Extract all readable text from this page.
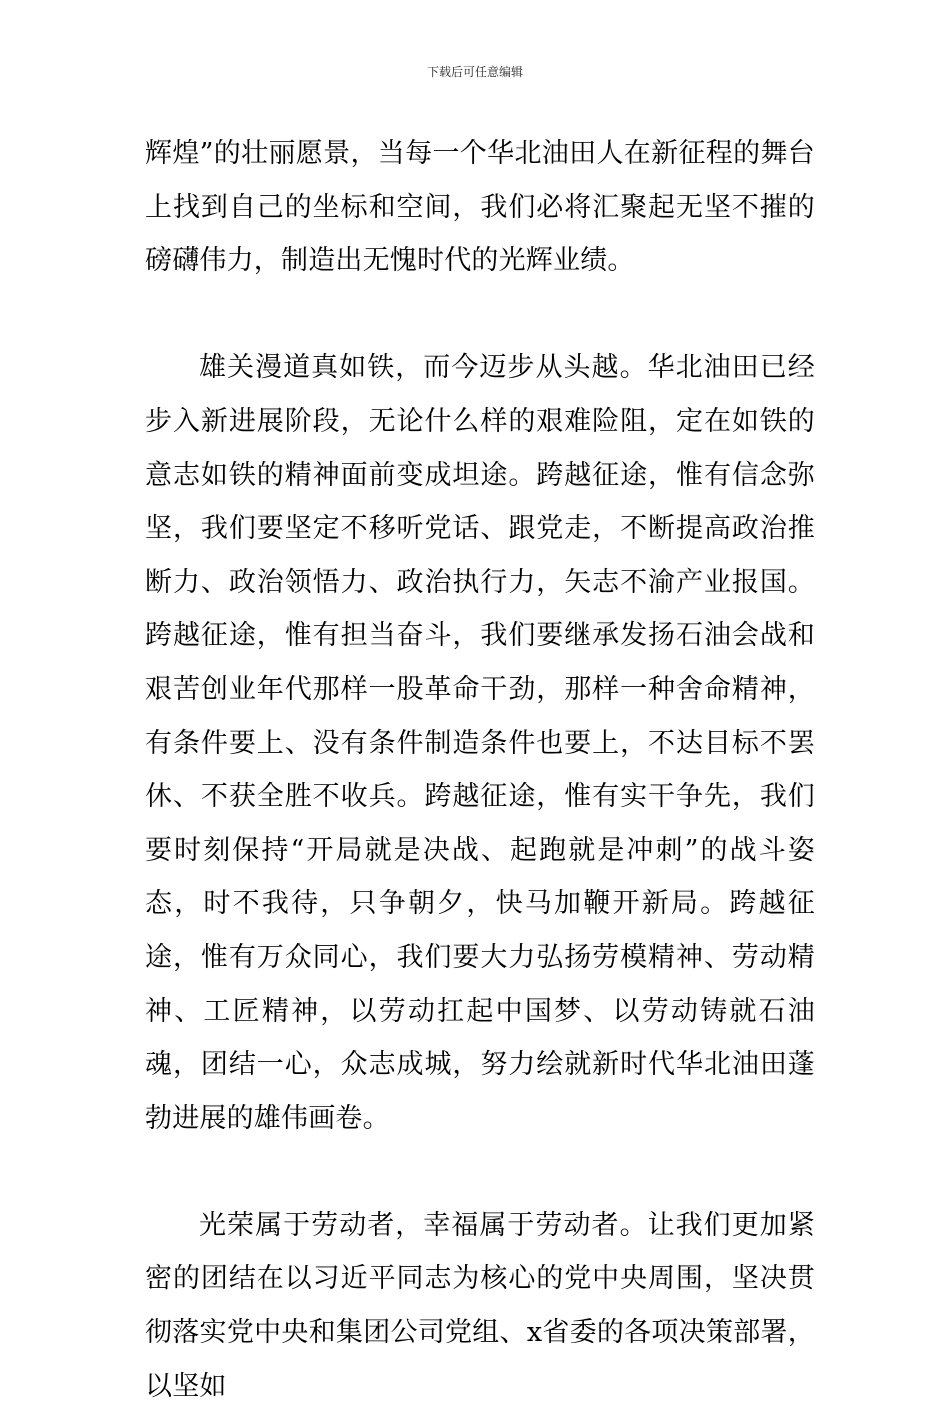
下载后可任意编辑

辉煌”的壮丽愿景，当每一个华北油田人在新征程的舞台上找到自己的坐标和空间，我们必将汇聚起无坚不摧的磅礴伟力，制造出无愧时代的光辉业绩。

雄关漫道真如铁，而今迈步从头越。华北油田已经步入新进展阶段，无论什么样的艰难险阻，定在如铁的意志如铁的精神面前变成坦途。跨越征途，惟有信念弥坚，我们要坚定不移听党话、跟党走，不断提高政治推断力、政治领悟力、政治执行力，矢志不渝产业报国。跨越征途，惟有担当奋斗，我们要继承发扬石油会战和艰苦创业年代那样一股革命干劲，那样一种舍命精神，有条件要上、没有条件制造条件也要上，不达目标不罢休、不获全胜不收兵。跨越征途，惟有实干争先，我们要时刻保持“开局就是决战、起跑就是冲刺”的战斗姿态，时不我待，只争朝夕，快马加鞭开新局。跨越征途，惟有万众同心，我们要大力弘扬劳模精神、劳动精神、工匠精神，以劳动扛起中国梦、以劳动铸就石油魂，团结一心，众志成城，努力绘就新时代华北油田蓬勃进展的雄伟画卷。

光荣属于劳动者，幸福属于劳动者。让我们更加紧密的团结在以习近平同志为核心的党中央周围，坚决贯彻落实党中央和集团公司党组、x省委的各项决策部署，以坚如
